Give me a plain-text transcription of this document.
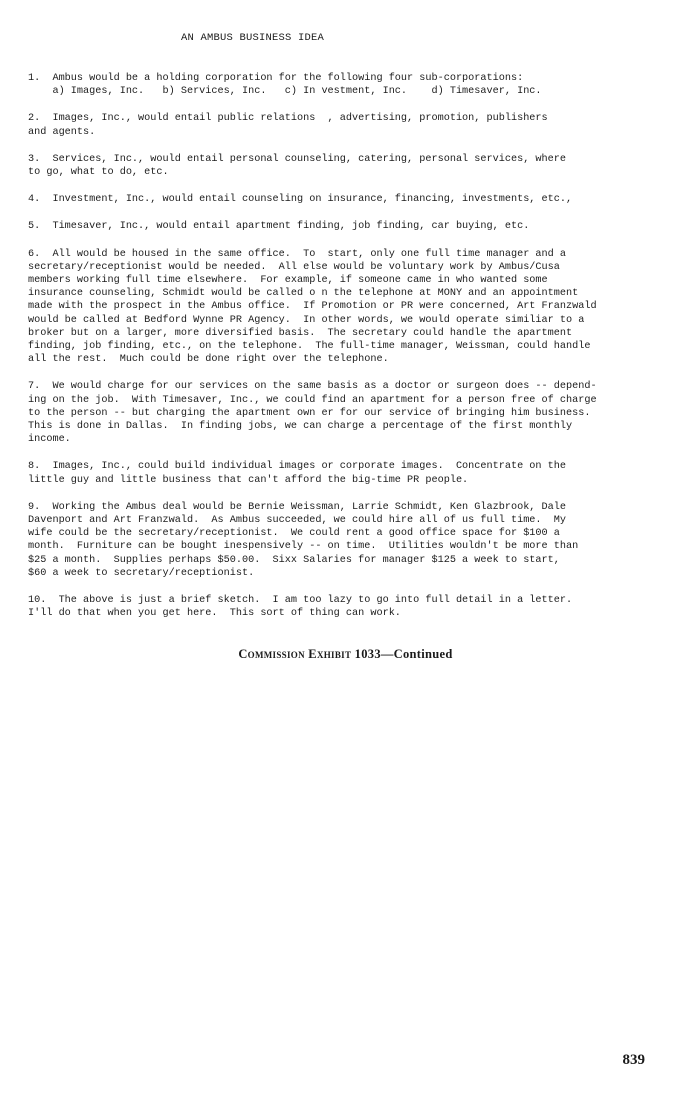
AN AMBUS BUSINESS IDEA

1.  Ambus would be a holding corporation for the following four sub-corporations:
a) Images, Inc.   b) Services, Inc.   c) In vestment, Inc.    d) Timesaver, Inc.

2.  Images, Inc., would entail public relations  , advertising, promotion, publishers
and agents.

3.  Services, Inc., would entail personal counseling, catering, personal services, where
to go, what to do, etc.

4.  Investment, Inc., would entail counseling on insurance, financing, investments, etc.,

5.  Timesaver, Inc., would entail apartment finding, job finding, car buying, etc.

6.  All would be housed in the same office.  To  start, only one full time manager and a
secretary/receptionist would be needed.  All else would be voluntary work by Ambus/Cusa
members working full time elsewhere.  For example, if someone came in who wanted some
insurance counseling, Schmidt would be called o n the telephone at MONY and an appointment
made with the prospect in the Ambus office.  If Promotion or PR were concerned, Art Franzwald
would be called at Bedford Wynne PR Agency.  In other words, we would operate similiar to a
broker but on a larger, more diversified basis.  The secretary could handle the apartment
finding, job finding, etc., on the telephone.  The full-time manager, Weissman, could handle
all the rest.  Much could be done right over the telephone.

7.  We would charge for our services on the same basis as a doctor or surgeon does -- depend-
ing on the job.  With Timesaver, Inc., we could find an apartment for a person free of charge
to the person -- but charging the apartment own er for our service of bringing him business.
This is done in Dallas.  In finding jobs, we can charge a percentage of the first monthly
income.

8.  Images, Inc., could build individual images or corporate images.  Concentrate on the
little guy and little business that can't afford the big-time PR people.

9.  Working the Ambus deal would be Bernie Weissman, Larrie Schmidt, Ken Glazbrook, Dale
Davenport and Art Franzwald.  As Ambus succeeded, we could hire all of us full time.  My
wife could be the secretary/receptionist.  We could rent a good office space for $100 a
month.  Furniture can be bought inespensively -- on time.  Utilities wouldn't be more than
$25 a month.  Supplies perhaps $50.00.  Sixx Salaries for manager $125 a week to start,
$60 a week to secretary/receptionist.

10.  The above is just a brief sketch.  I am too lazy to go into full detail in a letter.
I'll do that when you get here.  This sort of thing can work.

Commission Exhibit 1033—Continued
839
